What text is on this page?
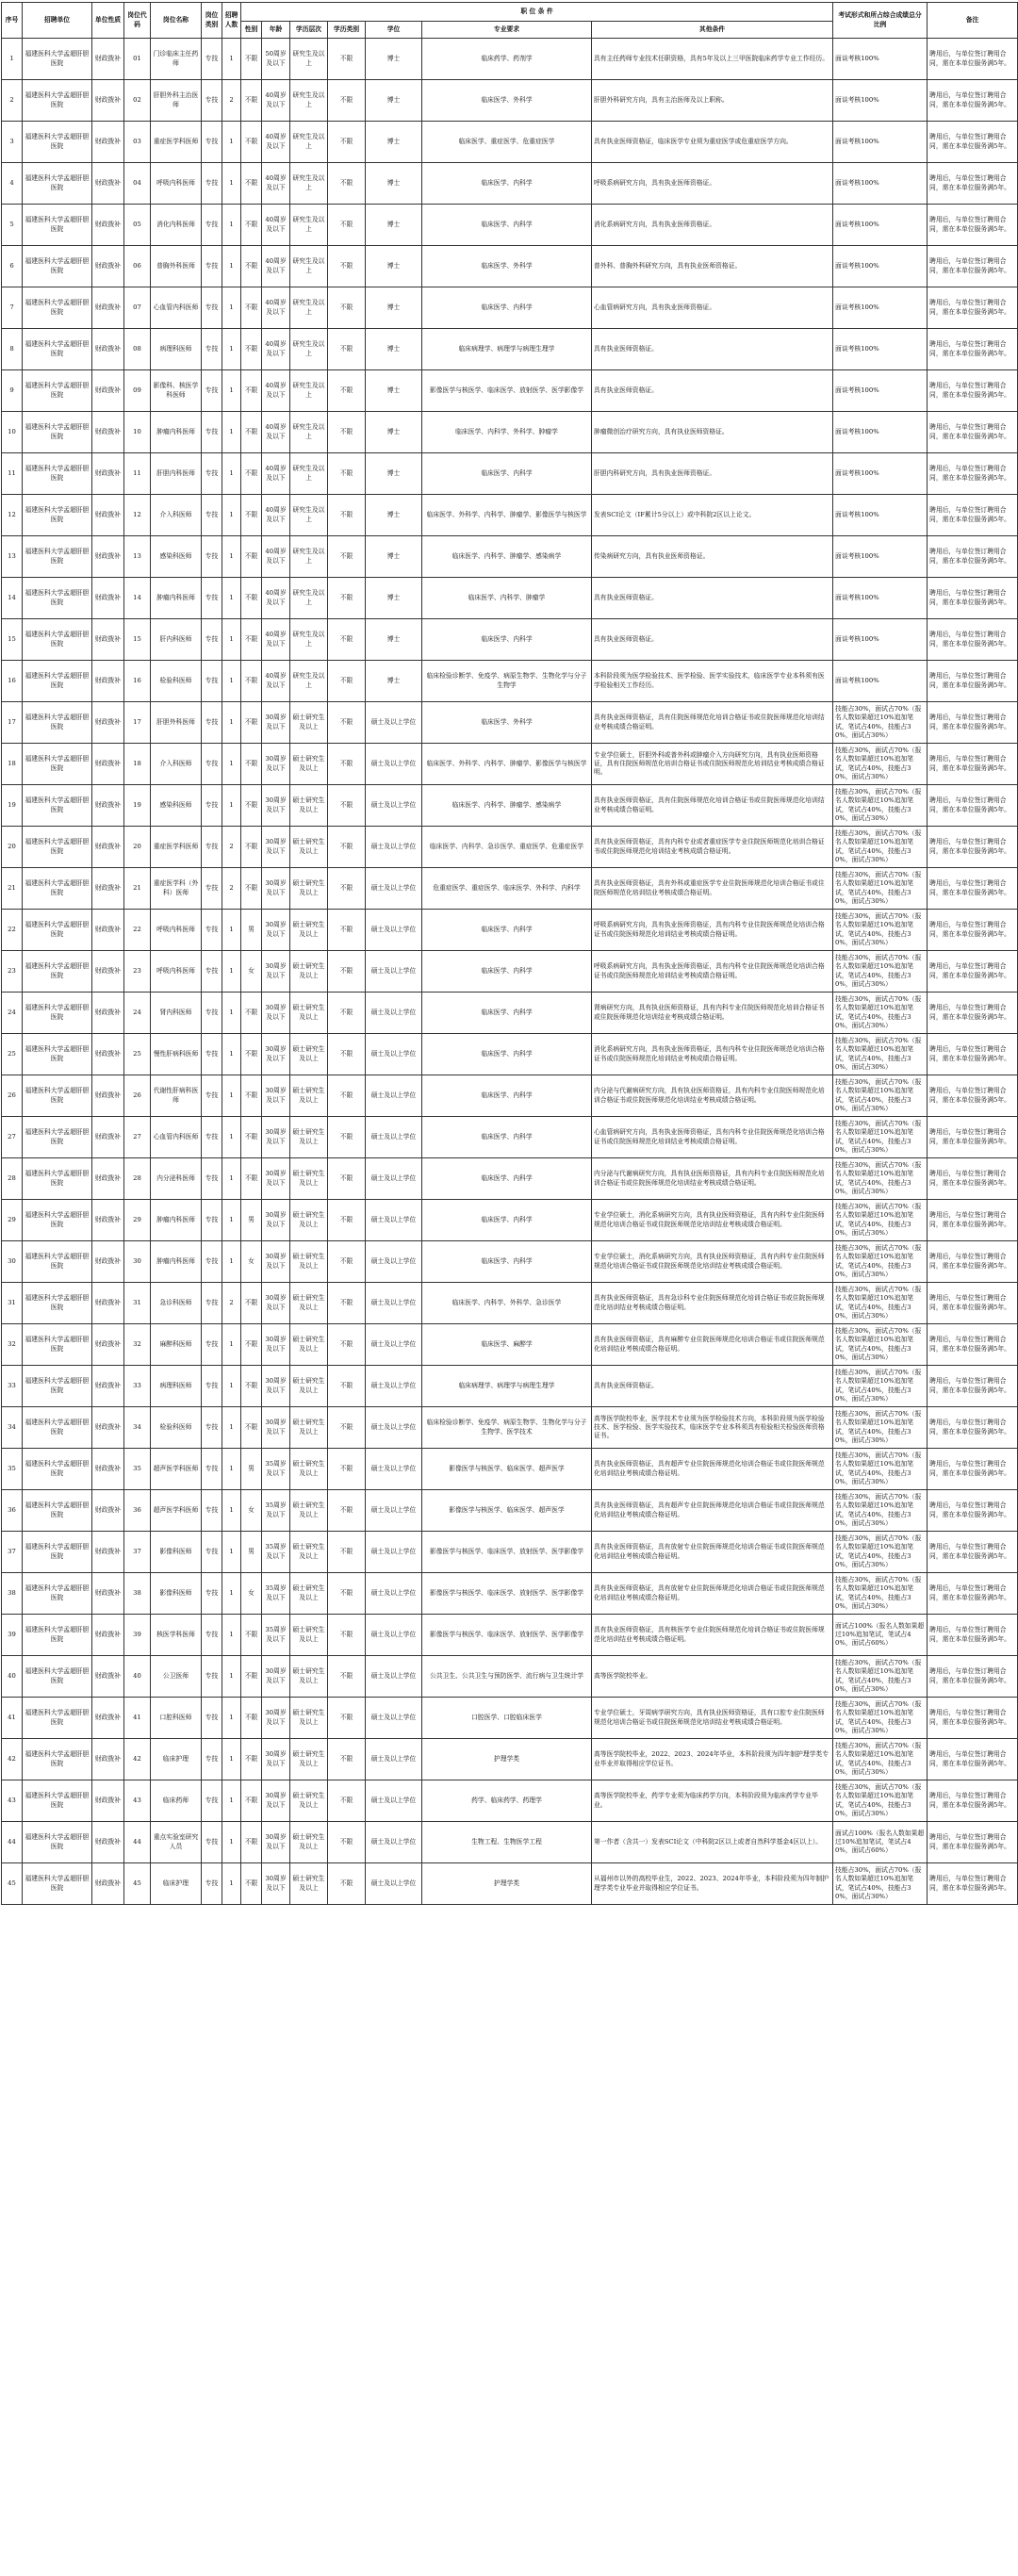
序号	招聘单位	单位性质	岗位代码	岗位名称	岗位类别	招聘人数	职 位 条 件							考试形式和所占综合成绩总分比例	备注
							性别	年龄	学历层次	学历类别	学位	专业要求	其他条件		
1	福建医科大学孟超肝胆医院	财政拨补	01	门诊临床主任药师	专技	1	不限	50周岁及以下	研究生及以上	不限	博士	临床药学、药剂学	具有主任药师专业技术任职资格，具有5年及以上三甲医院临床药学专业工作经历。	面谈考核100%	聘用后，与单位签订聘用合同，需在本单位服务满5年。
2	福建医科大学孟超肝胆医院	财政拨补	02	肝胆外科主治医师	专技	2	不限	40周岁及以下	研究生及以上	不限	博士	临床医学、外科学	肝胆外科研究方向，具有主治医师及以上职称。	面谈考核100%	聘用后，与单位签订聘用合同，需在本单位服务满5年。
3	福建医科大学孟超肝胆医院	财政拨补	03	重症医学科医师	专技	1	不限	40周岁及以下	研究生及以上	不限	博士	临床医学、重症医学、危重症医学	具有执业医师资格证，临床医学专业须为重症医学或危重症医学方向。	面谈考核100%	聘用后，与单位签订聘用合同，需在本单位服务满5年。
4	福建医科大学孟超肝胆医院	财政拨补	04	呼吸内科医师	专技	1	不限	40周岁及以下	研究生及以上	不限	博士	临床医学、内科学	呼吸系病研究方向，具有执业医师资格证。	面谈考核100%	聘用后，与单位签订聘用合同，需在本单位服务满5年。
5	福建医科大学孟超肝胆医院	财政拨补	05	消化内科医师	专技	1	不限	40周岁及以下	研究生及以上	不限	博士	临床医学、内科学	消化系病研究方向，具有执业医师资格证。	面谈考核100%	聘用后，与单位签订聘用合同，需在本单位服务满5年。
6	福建医科大学孟超肝胆医院	财政拨补	06	普胸外科医师	专技	1	不限	40周岁及以下	研究生及以上	不限	博士	临床医学、外科学	普外科、普胸外科研究方向，具有执业医师资格证。	面谈考核100%	聘用后，与单位签订聘用合同，需在本单位服务满5年。
7	福建医科大学孟超肝胆医院	财政拨补	07	心血管内科医师	专技	1	不限	40周岁及以下	研究生及以上	不限	博士	临床医学、内科学	心血管病研究方向，具有执业医师资格证。	面谈考核100%	聘用后，与单位签订聘用合同，需在本单位服务满5年。
8	福建医科大学孟超肝胆医院	财政拨补	08	病理科医师	专技	1	不限	40周岁及以下	研究生及以上	不限	博士	临床病理学、病理学与病理生理学	具有执业医师资格证。	面谈考核100%	聘用后，与单位签订聘用合同，需在本单位服务满5年。
9	福建医科大学孟超肝胆医院	财政拨补	09	影像科、核医学科医师	专技	1	不限	40周岁及以下	研究生及以上	不限	博士	影像医学与核医学、临床医学、放射医学、医学影像学	具有执业医师资格证。	面谈考核100%	聘用后，与单位签订聘用合同，需在本单位服务满5年。
10	福建医科大学孟超肝胆医院	财政拨补	10	肿瘤内科医师	专技	1	不限	40周岁及以下	研究生及以上	不限	博士	临床医学、内科学、外科学、肿瘤学	肿瘤微创治疗研究方向，具有执业医师资格证。	面谈考核100%	聘用后，与单位签订聘用合同，需在本单位服务满5年。
11	福建医科大学孟超肝胆医院	财政拨补	11	肝胆内科医师	专技	1	不限	40周岁及以下	研究生及以上	不限	博士	临床医学、内科学	肝胆内科研究方向，具有执业医师资格证。	面谈考核100%	聘用后，与单位签订聘用合同，需在本单位服务满5年。
12	福建医科大学孟超肝胆医院	财政拨补	12	介入科医师	专技	1	不限	40周岁及以下	研究生及以上	不限	博士	临床医学、外科学、内科学、肿瘤学、影像医学与核医学	发表SCI论文（IF累计5分以上）或中科院2区以上论文。	面谈考核100%	聘用后，与单位签订聘用合同，需在本单位服务满5年。
13	福建医科大学孟超肝胆医院	财政拨补	13	感染科医师	专技	1	不限	40周岁及以下	研究生及以上	不限	博士	临床医学、内科学、肿瘤学、感染病学	传染病研究方向，具有执业医师资格证。	面谈考核100%	聘用后，与单位签订聘用合同，需在本单位服务满5年。
14	福建医科大学孟超肝胆医院	财政拨补	14	肿瘤内科医师	专技	1	不限	40周岁及以下	研究生及以上	不限	博士	临床医学、内科学、肿瘤学	具有执业医师资格证。	面谈考核100%	聘用后，与单位签订聘用合同，需在本单位服务满5年。
15	福建医科大学孟超肝胆医院	财政拨补	15	肝内科医师	专技	1	不限	40周岁及以下	研究生及以上	不限	博士	临床医学、内科学	具有执业医师资格证。	面谈考核100%	聘用后，与单位签订聘用合同，需在本单位服务满5年。
16	福建医科大学孟超肝胆医院	财政拨补	16	检验科医师	专技	1	不限	40周岁及以下	研究生及以上	不限	博士	临床检验诊断学、免疫学、病原生物学、生物化学与分子生物学	本科阶段须为医学检验技术、医学检验、医学实验技术，临床医学专业本科须有医学检验相关工作经历。	面谈考核100%	聘用后，与单位签订聘用合同，需在本单位服务满5年。
17	福建医科大学孟超肝胆医院	财政拨补	17	肝胆外科医师	专技	1	不限	30周岁及以下	硕士研究生及以上	不限	硕士及以上学位	临床医学、外科学	具有执业医师资格证，具有住院医师规范化培训合格证书或住院医师规范化培训结业考核成绩合格证明。	技能占30%，面试占70%（报名人数如果超过10%追加笔试，笔试占40%，技能占30%，面试占30%）	聘用后，与单位签订聘用合同，需在本单位服务满5年。
18	福建医科大学孟超肝胆医院	财政拨补	18	介入科医师	专技	1	不限	30周岁及以下	硕士研究生及以上	不限	硕士及以上学位	临床医学、外科学、内科学、肿瘤学、影像医学与核医学	专业学位硕士，肝胆外科或普外科或肿瘤介入方向研究方向，具有执业医师资格证，具有住院医师规范化培训合格证书或住院医师规范化培训结业考核成绩合格证明。	技能占30%，面试占70%（报名人数如果超过10%追加笔试，笔试占40%，技能占30%，面试占30%）	聘用后，与单位签订聘用合同，需在本单位服务满5年。
19	福建医科大学孟超肝胆医院	财政拨补	19	感染科医师	专技	1	不限	30周岁及以下	硕士研究生及以上	不限	硕士及以上学位	临床医学、内科学、肿瘤学、感染病学	具有执业医师资格证，具有住院医师规范化培训合格证书或住院医师规范化培训结业考核成绩合格证明。	技能占30%，面试占70%（报名人数如果超过10%追加笔试，笔试占40%，技能占30%，面试占30%）	聘用后，与单位签订聘用合同，需在本单位服务满5年。
20	福建医科大学孟超肝胆医院	财政拨补	20	重症医学科医师	专技	2	不限	30周岁及以下	硕士研究生及以上	不限	硕士及以上学位	临床医学、内科学、急诊医学、重症医学、危重症医学	具有执业医师资格证，具有内科专业或者重症医学专业住院医师规范化培训合格证书或住院医师规范化培训结业考核成绩合格证明。	技能占30%，面试占70%（报名人数如果超过10%追加笔试，笔试占40%，技能占30%，面试占30%）	聘用后，与单位签订聘用合同，需在本单位服务满5年。
21	福建医科大学孟超肝胆医院	财政拨补	21	重症医学科（外科）医师	专技	2	不限	30周岁及以下	硕士研究生及以上	不限	硕士及以上学位	危重症医学、重症医学、临床医学、外科学、内科学	具有执业医师资格证，具有外科或重症医学专业住院医师规范化培训合格证书或住院医师规范化培训结业考核成绩合格证明。	技能占30%，面试占70%（报名人数如果超过10%追加笔试，笔试占40%，技能占30%，面试占30%）	聘用后，与单位签订聘用合同，需在本单位服务满5年。
22	福建医科大学孟超肝胆医院	财政拨补	22	呼吸内科医师	专技	1	男	30周岁及以下	硕士研究生及以上	不限	硕士及以上学位	临床医学、内科学	呼吸系病研究方向，具有执业医师资格证，具有内科专业住院医师规范化培训合格证书或住院医师规范化培训结业考核成绩合格证明。	技能占30%，面试占70%（报名人数如果超过10%追加笔试，笔试占40%，技能占30%，面试占30%）	聘用后，与单位签订聘用合同，需在本单位服务满5年。
23	福建医科大学孟超肝胆医院	财政拨补	23	呼吸内科医师	专技	1	女	30周岁及以下	硕士研究生及以上	不限	硕士及以上学位	临床医学、内科学	呼吸系病研究方向，具有执业医师资格证，具有内科专业住院医师规范化培训合格证书或住院医师规范化培训结业考核成绩合格证明。	技能占30%，面试占70%（报名人数如果超过10%追加笔试，笔试占40%，技能占30%，面试占30%）	聘用后，与单位签订聘用合同，需在本单位服务满5年。
24	福建医科大学孟超肝胆医院	财政拨补	24	肾内科医师	专技	1	不限	30周岁及以下	硕士研究生及以上	不限	硕士及以上学位	临床医学、内科学	肾病研究方向，具有执业医师资格证，具有内科专业住院医师规范化培训合格证书或住院医师规范化培训结业考核成绩合格证明。	技能占30%，面试占70%（报名人数如果超过10%追加笔试，笔试占40%，技能占30%，面试占30%）	聘用后，与单位签订聘用合同，需在本单位服务满5年。
25	福建医科大学孟超肝胆医院	财政拨补	25	慢性肝病科医师	专技	1	不限	30周岁及以下	硕士研究生及以上	不限	硕士及以上学位	临床医学、内科学	消化系病研究方向，具有执业医师资格证，具有内科专业住院医师规范化培训合格证书或住院医师规范化培训结业考核成绩合格证明。	技能占30%，面试占70%（报名人数如果超过10%追加笔试，笔试占40%，技能占30%，面试占30%）	聘用后，与单位签订聘用合同，需在本单位服务满5年。
26	福建医科大学孟超肝胆医院	财政拨补	26	代谢性肝病科医师	专技	1	不限	30周岁及以下	硕士研究生及以上	不限	硕士及以上学位	临床医学、内科学	内分泌与代谢病研究方向，具有执业医师资格证，具有内科专业住院医师规范化培训合格证书或住院医师规范化培训结业考核成绩合格证明。	技能占30%，面试占70%（报名人数如果超过10%追加笔试，笔试占40%，技能占30%，面试占30%）	聘用后，与单位签订聘用合同，需在本单位服务满5年。
27	福建医科大学孟超肝胆医院	财政拨补	27	心血管内科医师	专技	1	不限	30周岁及以下	硕士研究生及以上	不限	硕士及以上学位	临床医学、内科学	心血管病研究方向，具有执业医师资格证，具有内科专业住院医师规范化培训合格证书或住院医师规范化培训结业考核成绩合格证明。	技能占30%，面试占70%（报名人数如果超过10%追加笔试，笔试占40%，技能占30%，面试占30%）	聘用后，与单位签订聘用合同，需在本单位服务满5年。
28	福建医科大学孟超肝胆医院	财政拨补	28	内分泌科医师	专技	1	不限	30周岁及以下	硕士研究生及以上	不限	硕士及以上学位	临床医学、内科学	内分泌与代谢病研究方向，具有执业医师资格证，具有内科专业住院医师规范化培训合格证书或住院医师规范化培训结业考核成绩合格证明。	技能占30%，面试占70%（报名人数如果超过10%追加笔试，笔试占40%，技能占30%，面试占30%）	聘用后，与单位签订聘用合同，需在本单位服务满5年。
29	福建医科大学孟超肝胆医院	财政拨补	29	肿瘤内科医师	专技	1	男	30周岁及以下	硕士研究生及以上	不限	硕士及以上学位	临床医学、内科学	专业学位硕士，消化系病研究方向，具有执业医师资格证，具有内科专业住院医师规范化培训合格证书或住院医师规范化培训结业考核成绩合格证明。	技能占30%，面试占70%（报名人数如果超过10%追加笔试，笔试占40%，技能占30%，面试占30%）	聘用后，与单位签订聘用合同，需在本单位服务满5年。
30	福建医科大学孟超肝胆医院	财政拨补	30	肿瘤内科医师	专技	1	女	30周岁及以下	硕士研究生及以上	不限	硕士及以上学位	临床医学、内科学	专业学位硕士，消化系病研究方向，具有执业医师资格证，具有内科专业住院医师规范化培训合格证书或住院医师规范化培训结业考核成绩合格证明。	技能占30%，面试占70%（报名人数如果超过10%追加笔试，笔试占40%，技能占30%，面试占30%）	聘用后，与单位签订聘用合同，需在本单位服务满5年。
31	福建医科大学孟超肝胆医院	财政拨补	31	急诊科医师	专技	2	不限	30周岁及以下	硕士研究生及以上	不限	硕士及以上学位	临床医学、内科学、外科学、急诊医学	具有执业医师资格证，具有急诊科专业住院医师规范化培训合格证书或住院医师规范化培训结业考核成绩合格证明。	技能占30%，面试占70%（报名人数如果超过10%追加笔试，笔试占40%，技能占30%，面试占30%）	聘用后，与单位签订聘用合同，需在本单位服务满5年。
32	福建医科大学孟超肝胆医院	财政拨补	32	麻醉科医师	专技	1	不限	30周岁及以下	硕士研究生及以上	不限	硕士及以上学位	临床医学、麻醉学	具有执业医师资格证，具有麻醉专业住院医师规范化培训合格证书或住院医师规范化培训结业考核成绩合格证明。	技能占30%，面试占70%（报名人数如果超过10%追加笔试，笔试占40%，技能占30%，面试占30%）	聘用后，与单位签订聘用合同，需在本单位服务满5年。
33	福建医科大学孟超肝胆医院	财政拨补	33	病理科医师	专技	1	不限	30周岁及以下	硕士研究生及以上	不限	硕士及以上学位	临床病理学、病理学与病理生理学	具有执业医师资格证。	技能占30%，面试占70%（报名人数如果超过10%追加笔试，笔试占40%，技能占30%，面试占30%）	聘用后，与单位签订聘用合同，需在本单位服务满5年。
34	福建医科大学孟超肝胆医院	财政拨补	34	检验科医师	专技	1	不限	30周岁及以下	硕士研究生及以上	不限	硕士及以上学位	临床检验诊断学、免疫学、病原生物学、生物化学与分子生物学、医学技术	高等医学院校毕业，医学技术专业须为医学检验技术方向，本科阶段须为医学检验技术、医学检验、医学实验技术，临床医学专业本科须具有检验相关检验医师资格证书。	技能占30%，面试占70%（报名人数如果超过10%追加笔试，笔试占40%，技能占30%，面试占30%）	聘用后，与单位签订聘用合同，需在本单位服务满5年。
35	福建医科大学孟超肝胆医院	财政拨补	35	超声医学科医师	专技	1	男	35周岁及以下	硕士研究生及以上	不限	硕士及以上学位	影像医学与核医学、临床医学、超声医学	具有执业医师资格证，具有超声专业住院医师规范化培训合格证书或住院医师规范化培训结业考核成绩合格证明。	技能占30%，面试占70%（报名人数如果超过10%追加笔试，笔试占40%，技能占30%，面试占30%）	聘用后，与单位签订聘用合同，需在本单位服务满5年。
36	福建医科大学孟超肝胆医院	财政拨补	36	超声医学科医师	专技	1	女	35周岁及以下	硕士研究生及以上	不限	硕士及以上学位	影像医学与核医学、临床医学、超声医学	具有执业医师资格证，具有超声专业住院医师规范化培训合格证书或住院医师规范化培训结业考核成绩合格证明。	技能占30%，面试占70%（报名人数如果超过10%追加笔试，笔试占40%，技能占30%，面试占30%）	聘用后，与单位签订聘用合同，需在本单位服务满5年。
37	福建医科大学孟超肝胆医院	财政拨补	37	影像科医师	专技	1	男	35周岁及以下	硕士研究生及以上	不限	硕士及以上学位	影像医学与核医学、临床医学、放射医学、医学影像学	具有执业医师资格证，具有放射专业住院医师规范化培训合格证书或住院医师规范化培训结业考核成绩合格证明。	技能占30%，面试占70%（报名人数如果超过10%追加笔试，笔试占40%，技能占30%，面试占30%）	聘用后，与单位签订聘用合同，需在本单位服务满5年。
38	福建医科大学孟超肝胆医院	财政拨补	38	影像科医师	专技	1	女	35周岁及以下	硕士研究生及以上	不限	硕士及以上学位	影像医学与核医学、临床医学、放射医学、医学影像学	具有执业医师资格证，具有放射专业住院医师规范化培训合格证书或住院医师规范化培训结业考核成绩合格证明。	技能占30%，面试占70%（报名人数如果超过10%追加笔试，笔试占40%，技能占30%，面试占30%）	聘用后，与单位签订聘用合同，需在本单位服务满5年。
39	福建医科大学孟超肝胆医院	财政拨补	39	核医学科医师	专技	1	不限	35周岁及以下	硕士研究生及以上	不限	硕士及以上学位	影像医学与核医学、临床医学、放射医学、医学影像学	具有执业医师资格证，具有核医学专业住院医师规范化培训合格证书或住院医师规范化培训结业考核成绩合格证明。	面试占100%（报名人数如果超过10%追加笔试，笔试占40%，面试占60%）	聘用后，与单位签订聘用合同，需在本单位服务满5年。
40	福建医科大学孟超肝胆医院	财政拨补	40	公卫医师	专技	1	不限	30周岁及以下	硕士研究生及以上	不限	硕士及以上学位	公共卫生、公共卫生与预防医学、流行病与卫生统计学	高等医学院校毕业。	技能占30%，面试占70%（报名人数如果超过10%追加笔试，笔试占40%，技能占30%，面试占30%）	聘用后，与单位签订聘用合同，需在本单位服务满5年。
41	福建医科大学孟超肝胆医院	财政拨补	41	口腔科医师	专技	1	不限	30周岁及以下	硕士研究生及以上	不限	硕士及以上学位	口腔医学、口腔临床医学	专业学位硕士，牙周病学研究方向，具有执业医师资格证，具有口腔专业住院医师规范化培训合格证书或住院医师规范化培训结业考核成绩合格证明。	技能占30%，面试占70%（报名人数如果超过10%追加笔试，笔试占40%，技能占30%，面试占30%）	聘用后，与单位签订聘用合同，需在本单位服务满5年。
42	福建医科大学孟超肝胆医院	财政拨补	42	临床护理	专技	1	不限	30周岁及以下	硕士研究生及以上	不限	硕士及以上学位	护理学类	高等医学院校毕业，2022、2023、2024年毕业，本科阶段须为四年制护理学类专业毕业并取得相应学位证书。	技能占30%，面试占70%（报名人数如果超过10%追加笔试，笔试占40%，技能占30%，面试占30%）	聘用后，与单位签订聘用合同，需在本单位服务满5年。
43	福建医科大学孟超肝胆医院	财政拨补	43	临床药师	专技	1	不限	30周岁及以下	硕士研究生及以上	不限	硕士及以上学位	药学、临床药学、药理学	高等医学院校毕业，药学专业须为临床药学方向，本科阶段须为临床药学专业毕业。	技能占30%，面试占70%（报名人数如果超过10%追加笔试，笔试占40%，技能占30%，面试占30%）	聘用后，与单位签订聘用合同，需在本单位服务满5年。
44	福建医科大学孟超肝胆医院	财政拨补	44	重点实验室研究人员	专技	1	不限	30周岁及以下	硕士研究生及以上	不限	硕士及以上学位	生物工程、生物医学工程	第一作者（含共一）发表SCI论文（中科院2区以上或者自然科学基金4区以上）。	面试占100%（报名人数如果超过10%追加笔试，笔试占40%，面试占60%）	聘用后，与单位签订聘用合同，需在本单位服务满5年。
45	福建医科大学孟超肝胆医院	财政拨补	45	临床护理	专技	1	不限	30周岁及以下	硕士研究生及以上	不限	硕士及以上学位	护理学类	从福州市以外的高校毕业生，2022、2023、2024年毕业，本科阶段须为四年制护理学类专业毕业并取得相应学位证书。	技能占30%，面试占70%（报名人数如果超过10%追加笔试，笔试占40%，技能占30%，面试占30%）	聘用后，与单位签订聘用合同，需在本单位服务满5年。
